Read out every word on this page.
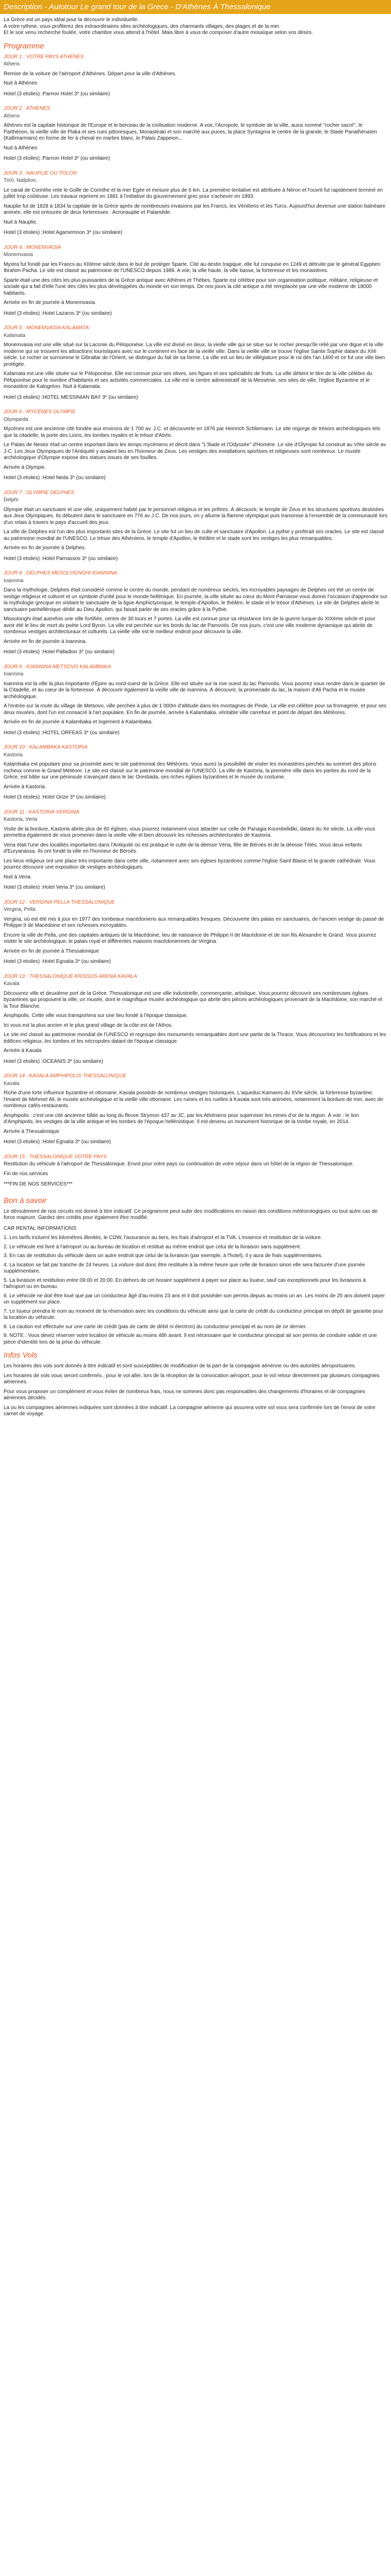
Description - Autotour Le grand tour de la Grece - D'Athènes À Thessalonique

La Grèce est un pays idéal pour la découvrir le individuelle.

A votre rythme, vous profiterez des extraordinaires sites archéologiques, des charmants villages, des plages et de la mer.

Et le soir venu recherche foulée, votre chambre vous attend à l'hôtel. Mais libre à vous de composer d'autre mosaïque selon vos désirs.

Programme
JOUR 1 : VOTRE PAYS ATHÈNES
Athens

Remise de la voiture de l'aéroport d'Athènes. Départ pour la ville d'Athènes.

Nuit à Athènes

Hotel (3 etoiles) :Parnon Hotel 3* (ou similaire)
JOUR 2 : ATHÈNES
Athens

Athènes est la capitale historique de l'Europe et le berceau de la civilisation moderne. A voir, l'Acropole, le symbole de la ville, aussi nommé "rocher sacré", le Parthénon, la vieille ville de Plaka et ses rues pittoresques, Monastiraki et son marché aux puces, la place Syntagma le centre de la grande, le Stade Panathénaïen (Kallimarmaro) en forme de fer à cheval en marbre blanc, le Palais Zappeion...

Nuit à Athènes

Hotel (3 etoiles) :Parnon Hotel 3* (ou similaire)
JOUR 3 : NAUPLIE OU TOLON
Tirín̆, Nafplion,

Le canal de Corinthe relie le Golfe de Corinthe et la mer Egée et mesure plus de 6 km. La première tentative est attribuée à Néron et l'ouvrit fut rapidement terminé en juillet trop coûteuse. Les travaux reprirent en 1881 à l'initiative du gouvernement grec pour s'achever en 1893.

Nauplie fut de 1828 à 1834 la capitale de la Grèce après de nombreuses invasions par les Francs, les Vénitiens et les Turcs. Aujourd'hui devenue une station balnéaire animée, elle est entourée de deux forteresses : Acronauplie et Palamède.

Nuit à Nauplie.

Hotel (3 etoiles) :Hotel Agamemnon 3* (ou similaire)
JOUR 4 : MONEMVASIA
Monemvasia

Mystra fut fondé par les Francs au XIIIème siècle dans le but de protéger Sparte. Cité au destin tragique, elle fut conquise en 1249 et détruite par le général Egyptien Ibrahim Pacha. Le site est classé au patrimoine de l'UNESCO depuis 1989. A voir, la ville haute, la ville basse, la forteresse et les monastères.

Sparte était une des cités les plus puissantes de la Grèce antique avec Athènes et Thèbes. Sparte est célèbre pour son organisation politique, militaire, religieuse et sociale qui a fait d'elle l'une des cités les plus développées du monde en son temps. De nos jours la cité antique a été remplacée par une ville moderne de 18000 habitants.

Arrivée en fin de journée à Monemvasia.

Hotel (3 etoiles) :Hotel Lazaros 3* (ou similaire)
JOUR 5 : MONEMVASIA KALAMATA
Kalamata

Monemvasia est une ville situé sur la Laconie du Péloponèse. La ville est divisé en deux, la vieille ville qui se situe sur le rocher presqu'île relié par une digue et la ville moderne qui se trouvent les attractions touristiques avec sur le continent en face de la vieille ville. Dans la vieille ville se trouve l'église Sainte Sophie datant du XIIè siècle. Le rocher se surnomme le Gibraltar de l'Orient, se distingue du fait de sa forme. La ville est un lieu de villégiature pour le roi dès l'an 1400 et ce fut une ville bien protégée.

Kalamata est une ville située sur le Péloponèse. Elle est connue pour ses olives, ses figues et ses spécialités de fruits. La ville détient le titre de la ville célèbre du Péloponèse pour le nombre d'habitants et ses activités commerciales. La ville est le centre administratif de la Messénie, ses sites de ville, l'église Byzantine et le monastère de Kalogréon. Nuit à Kalamata.

Hotel (3 etoiles) :HOTEL MESSINIAN BAY 3* (ou similaire)
JOUR 6 : MYCÈNES OLYMPIE
Olympieda

Mycènes est une ancienne cité fondée aux environs de 1 700 av. J.C. et découverte en 1876 par Heinrich Schliemann. Le site regorge de trésors archéologiques tels que la citadelle, la porte des Lions, les tombes royales et le trésor d'Atrée.

Le Palais de Nestor était un centre important dans les temps mycéniens et décrit dans "L'Iliade et l'Odyssée" d'Homère. Le site d'Olympie fut construit au VIIIe siècle av J-C. Les Jeux Olympiques de l'Antiquité y avaient lieu en l'honneur de Zeus. Les vestiges des installations sportives et religieuses sont nombreux. Le musée archéologique d'Olympie expose des statues issues de ses fouilles.

Arrivée à Olympie.

Hotel (3 etoiles) :Hotel Neda 3* (ou similaire)
JOUR 7 : OLYMPIE DELPHES
Delphi

Olympie était un sanctuaire et une ville, uniquement habité par le personnel religieux et les prêtres. À découvrir, le temple de Zeus et les structures sportives destinées aux Jeux Olympiques. Ils débutent dans le sanctuaire en 776 av J.C. De nos jours, on y allume la flamme olympique puis transmise à l'ensemble de la communauté lors d'un relais à travers le pays d'accueil des jeux.

La ville de Delphes est l'un des plus importants sites de la Grèce. Le site fut un lieu de culte et sanctuaire d'Apollon. La pythie y proférait ses oracles. Le site est classé au patrimoine mondial de l'UNESCO. Le trésor des Athéniens, le temple d'Apollon, le théâtre et le stade sont les vestiges les plus remarquables.

Arrivée en fin de journée à Delphes.

Hotel (3 etoiles) :Hotel Parnassos 3* (ou similaire)
JOUR 8 : DELPHES MESOLOGNGHI IOANNINA
Ioannina

Dans la mythologie, Delphes était considéré comme le centre du monde, pendant de nombreux siècles, les incroyables paysages de Delphes ont été un centre de vestige religieux et culturel et un symbole d'unité pour le monde hellénique. En journée, la ville située au cœur du Mont Parnasse vous donne l'occasion d'apprendre sur la mythologie grecque en visitant le sanctuaire de la ligue Amphictyonique, le temple d'Apollon, le théâtre, le stade et le trésor d'Athènes. Le site de Delphes abrite le sanctuaire panhellénique dédié au Dieu Apollon, qui faisait parler de ses oracles grâce à la Pythie.

Missolonghi était autrefois une ville fortifiée, centre de 30 tours et 7 portes. La ville est connue pour sa résistance lors de la guerre turque du XIXème siècle et pour avoir été le lieu de mort du poète Lord Byron. La ville est perchée sur les bords du lac de Pamvotis. De nos jours, c'est une ville moderne dynamique qui abrite de nombreux vestiges architecturaux et culturels. La vieille ville est le meilleur endroit pour découvrir la ville.

Arrivée en fin de journée à Ioannina.

Hotel (3 etoiles) :Hotel Palladion 3* (ou similaire)
JOUR 9 : IOANNINA METSOVO KALAMBAKA
Ioannina

Ioannina est la ville la plus importante d'Épire au nord-ouest de la Grèce. Elle est située sur la rive ouest du lac Pamvotis. Vous pourrez vous rendre dans le quartier de la Citadelle, et au cœur de la forteresse. À découvrir également la vieille ville de Ioannina. À découvrir, la promenade du lac, la maison d'Ali Pacha et le musée archéologique.

A l'entrée sur la route du village de Metsovo, ville perchée à plus de 1 000m d'altitude dans les montagnes de Pinde, La ville est célèbre pour sa fromagerie, et pour ses deux musées, dont l'un est consacré à l'art populaire. En fin de journée, arrivée à Kalambaka, véritable ville carrefour et point de départ des Météores.

Arrivée en fin de journée à Kalambaka et logement à Kalambaka.

Hotel (3 etoiles) :HOTEL ORFEAS 3* (ou similaire)
JOUR 10 : KALAMBAKA KASTORIA
Kastoria

Kalambaka est populaire pour sa proximité avec le site patrimonial des Météores. Vous aurez la possibilité de visiter les monastères perchés au sommet des pitons rocheux comme le Grand Météore. Le site est classé sur le patrimoine mondial de l'UNESCO. La ville de Kastoria, la première ville dans les parties du nord de la Grèce, est bâtie sur une péninsule s'avançant dans le lac Orestiada, ses riches églises byzantines et le musée du costume.

Arrivée à Kastoria.

Hotel (3 etoiles) :Hotel Orize 3* (ou similaire)
JOUR 11 : KASTORIA VERGINA
Kastoria, Veria

Visite de la bordure, Kastoria abrite plus de 60 églises, vous pourrez notamment vous attarder sur celle de Panagia Koumbelidiki, datant du Xe siècle. La ville vous permettra également de vous promener dans la vieille ville et bien découvrir les richesses architecturales de Kastoria.

Veria était l'une des localités importantes dans l'Antiquité où est pratiqué le culte de la déesse Véria, fille de Béroès et de la déesse Télès. Vous deux enfants d'Euryanassa. Ils ont fondé la ville en l'honneur de Béroès.

Les lieux religieux ont une place très importante dans cette ville, notamment avec ses églises byzantines comme l'église Saint-Blaise et la grande cathédrale. Vous pourrez découvrir une exposition de vestiges archéologiques.

Nuit à Veria.

Hotel (3 etoiles) :Hotel Veria 3* (ou similaire)
JOUR 12 : VERGINA PELLA THESSALONIQUE
Vergina, Pella

Vergina, où est été mis à jour en 1977 des tombeaux macédoniens aux remarquables fresques. Découverte des palais en sanctuaires, de l'ancien vestige du passé de Philippe II de Macédoine et ses richesses incroyables.

Encore la ville de Pella, une des capitales antiques de la Macédoine, lieu de naissance de Philippe II de Macédoine et de son fils Alexandre le Grand. Vous pourrez visiter le site archéologique, le palais royal et différentes maisons macédoniennes de Vergina.

Arrivée en fin de journée à Thessalonique

Hotel (3 etoiles) :Hotel Egnatia 3* (ou similaire)
JOUR 13 : THESSALONIQUE KRISSOS ARENA KAVALA
Kavala

Découvrez ville et deuxième port de la Grèce. Thessalonique est une ville industrielle, commerçante, artistique. Vous pourrez découvrir ses nombreuses églises byzantines qui proposent la ville, un musée, dont le magnifique musée archéologique qui abrite des pièces archéologiques provenant de la Macédoine, son marché et la Tour Blanche.

Amphipolis. Cette ville vous transportera sur une lieu fondé à l'époque classique.

Ici vous est la plus ancien et le plus grand village de la côte est de l'Athos.

Le site est classé au patrimoine mondial de l'UNESCO et regroupe des monuments remarquables dont une partie de la Thrace. Vous découvrirez les fortifications et les édifices religieux, les tombes et les nécropoles datant de l'époque classique.

Arrivée à Kavala

Hotel (3 etoiles) :OCEANIS 3* (ou similaire)
JOUR 14 : KAVALA AMPHIPOLIS THESSALONIQUE
Kavala

Riche d'une lorte influence byzantine et ottomane, Kavala possède de nombreux vestiges historiques. L'aqueduc Kamares du XVIe siècle, la forteresse byzantine, l'Imaret de Mehmet Ali, le musée archéologique et la vieille ville ottomane. Les ruines et les ruelles à Kavala sont très animées, notamment la bordure de mer, avec de nombreux cafés-restaurants.

Amphipolis : c'est une cité ancienne bâtie au long du fleuve Strymon 437 av JC, par les Athéniens pour superviser les mines d'or de la région. À voir : le lion d'Amphipolis, les vestiges de la ville antique et les tombes de l'époque hellénistique. Il est devenu un monument historique de la tombe royale, en 2014.

Arrivée à Thessalonique

Hotel (3 etoiles) :Hotel Egnatia 3* (ou similaire)
JOUR 15 : THESSALONIQUE VOTRE PAYS

Restitution du véhicule à l'aéroport de Thessalonique. Envol pour votre pays ou continuation de votre séjour dans un hôtel de la région de Thessalonique.

Fin de nos services

***FIN DE NOS SERVICES***
Bon à savoir

Le déroulement de nos circuits est donné à titre indicatif. Ce programme peut subir des modifications en raison des conditions météorologiques ou tout autre cas de force majeure. Gardez des crédits pour également être modifié.

CAR RENTAL INFORMATIONS

1. Les tarifs incluent les kilomètres illimités, le CDW, l'assurance au tiers, les frais d'aéroport et la TVA. L'essence et restitution de la voiture.

2. Le véhicule est livré à l'aéroport ou au bureau de location et restitué au même endroit que celui de la livraison sans supplément.

3. En cas de restitution du véhicule dans un autre endroit que celui de la livraison (par exemple, à l'hotel), il y aura de frais supplémentaires.

4. La location se fait par tranche de 24 heures. La voiture doit donc être restituée à la même heure que celle de livraison sinon elle sera facturée d'une journée supplémentaire.

5. La livraison et restitution entre 09:00 et 20:00. En dehors de cet horaire supplément à payer sur place au loueur, sauf cas exceptionnels pour les livraisons à l'aéroport ou en bureau.

6. Le véhicule ne doit être loué que par un conducteur âgé d'au moins 23 ans et il doit posséder son permis depuis au moins un an. Les moins de 25 ans doivent payer un supplément sur place.

7. Le loueur prendra le nom au moment de la réservation avec les conditions du véhicule ainsi que la carte de crédit du conducteur principal en dépôt de garantie pour la location du véhicule.

8. La caution est effectuée sur une carte de crédit (pas de carte de débit ni électron) du conducteur principal et au nom de ce dernier.

9. NOTE : Vous devez réserver votre location de véhicule au moins 48h avant. Il est nécessaire que le conducteur principal ait son permis de conduire valide et une pièce d'identité lors de la prise du véhicule.

Infos Vols

Les horaires des vols sont donnés à titre indicatif et sont susceptibles de modification de la part de la compagnie aérienne ou des autorités aéroportuaires.

Les horaires de vols vous seront confirmés , pour le vol aller, lors de la réception de la convocation aéroport, pour le vol retour directement par plusieurs compagnies aériennes.

Pour vous proposer un complément et vous éviter de nombreux frais, nous ne sommes donc pas responsables des changements d'horaires et de compagnies aériennes décidés.

La ou les compagnies aériennes indiquées sont données à titre indicatif. La compagnie aérienne qui assurera votre vol vous sera confirmée lors de l'envoi de votre carnet de voyage.
